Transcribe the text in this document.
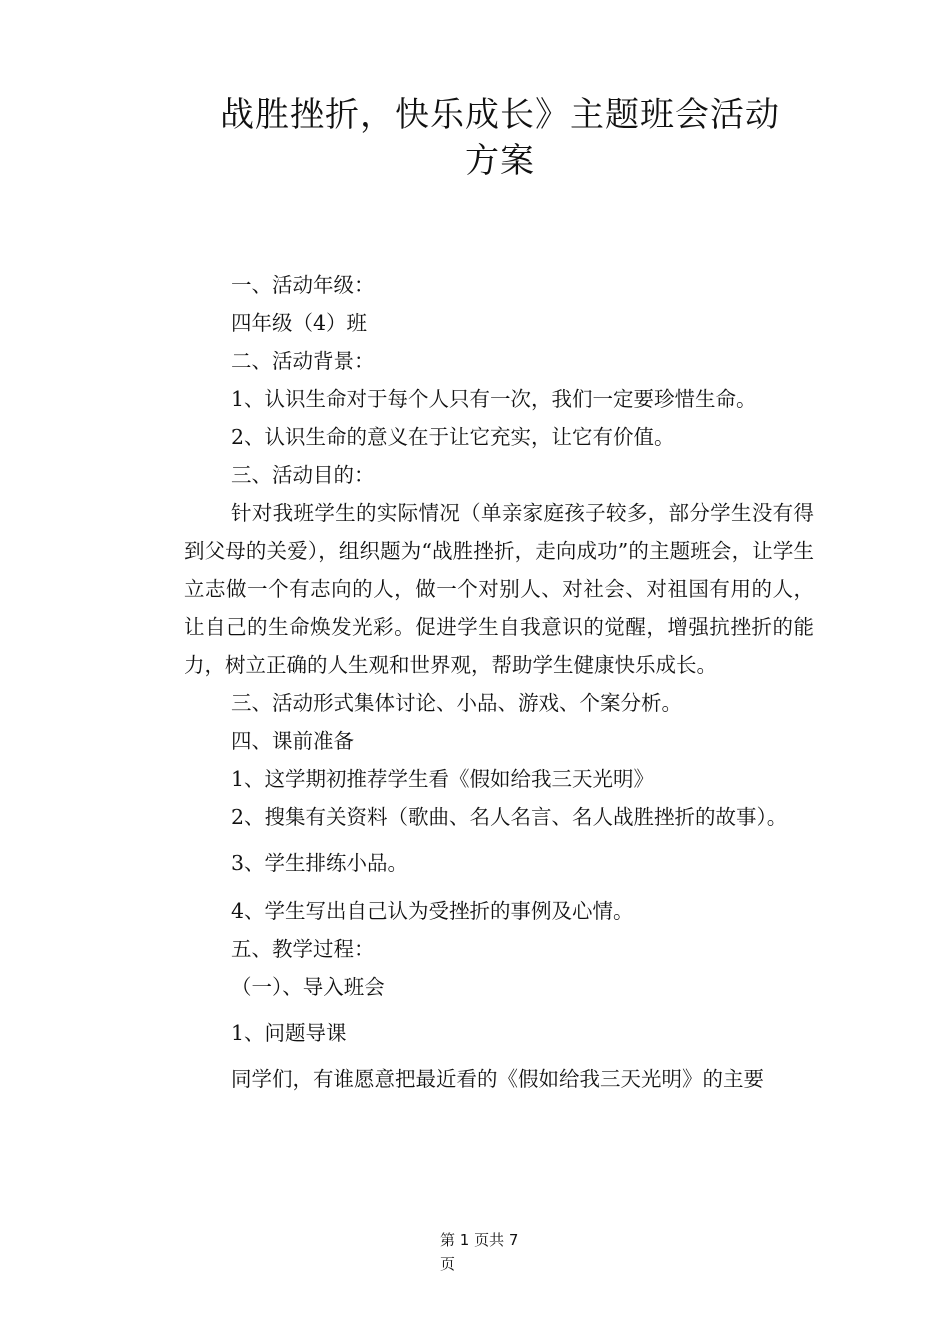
战胜挫折，快乐成长》主题班会活动
方案

一、活动年级：

四年级（4）班

二、活动背景：

1、认识生命对于每个人只有一次，我们一定要珍惜生命。

2、认识生命的意义在于让它充实，让它有价值。

三、活动目的：

针对我班学生的实际情况（单亲家庭孩子较多，部分学生没有得到父母的关爱），组织题为“战胜挫折，走向成功”的主题班会，让学生立志做一个有志向的人，做一个对别人、对社会、对祖国有用的人，让自己的生命焕发光彩。促进学生自我意识的觉醒，增强抗挫折的能力，树立正确的人生观和世界观，帮助学生健康快乐成长。

三、活动形式集体讨论、小品、游戏、个案分析。

四、课前准备

1、这学期初推荐学生看《假如给我三天光明》

2、搜集有关资料（歌曲、名人名言、名人战胜挫折的故事）。

3、学生排练小品。

4、学生写出自己认为受挫折的事例及心情。

五、教学过程：

（一）、导入班会

1、问题导课

同学们，有谁愿意把最近看的《假如给我三天光明》的主要

第 1 页共 7
页
